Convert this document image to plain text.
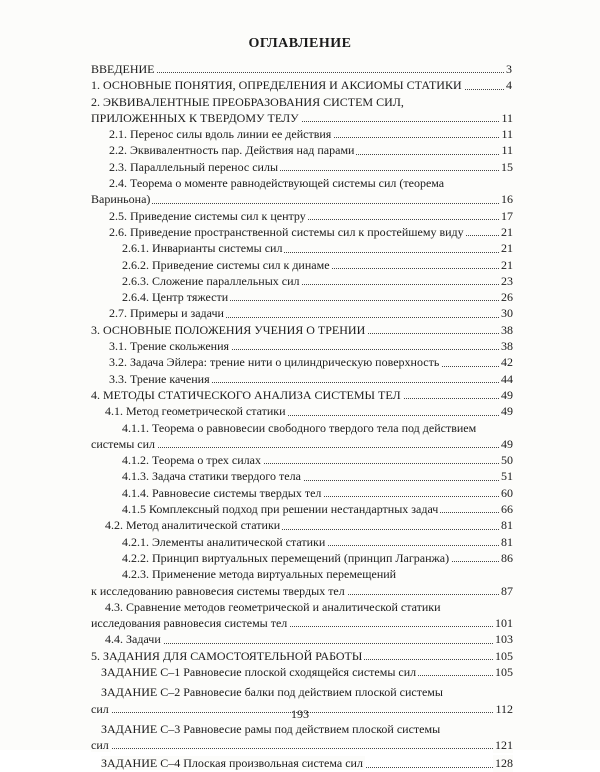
ОГЛАВЛЕНИЕ
ВВЕДЕНИЕ	3
1. ОСНОВНЫЕ ПОНЯТИЯ, ОПРЕДЕЛЕНИЯ И АКСИОМЫ СТАТИКИ	4
2. ЭКВИВАЛЕНТНЫЕ ПРЕОБРАЗОВАНИЯ СИСТЕМ СИЛ,
ПРИЛОЖЕННЫХ К ТВЕРДОМУ ТЕЛУ	11
2.1. Перенос силы вдоль линии ее действия	11
2.2. Эквивалентность пар. Действия над парами	11
2.3. Параллельный перенос силы	15
2.4. Теорема о моменте равнодействующей системы сил (теорема
Вариньона)	16
2.5. Приведение системы сил к центру	17
2.6. Приведение пространственной системы сил к простейшему виду	21
2.6.1. Инварианты системы сил	21
2.6.2. Приведение системы сил к динаме	21
2.6.3. Сложение параллельных сил	23
2.6.4. Центр тяжести	26
2.7. Примеры и задачи	30
3. ОСНОВНЫЕ ПОЛОЖЕНИЯ УЧЕНИЯ О ТРЕНИИ	38
3.1. Трение скольжения	38
3.2. Задача Эйлера: трение нити о цилиндрическую поверхность	42
3.3. Трение качения	44
4. МЕТОДЫ СТАТИЧЕСКОГО АНАЛИЗА СИСТЕМЫ ТЕЛ	49
4.1. Метод геометрической статики	49
4.1.1. Теорема о равновесии свободного твердого тела под действием
системы сил	49
4.1.2. Теорема о трех силах	50
4.1.3. Задача статики твердого тела	51
4.1.4. Равновесие системы твердых тел	60
4.1.5 Комплексный подход при решении нестандартных задач	66
4.2. Метод аналитической статики	81
4.2.1. Элементы аналитической статики	81
4.2.2. Принцип виртуальных перемещений (принцип Лагранжа)	86
4.2.3. Применение метода виртуальных перемещений
к исследованию равновесия системы твердых тел	87
4.3. Сравнение методов геометрической и аналитической статики
исследования равновесия системы тел	101
4.4. Задачи	103
5. ЗАДАНИЯ ДЛЯ САМОСТОЯТЕЛЬНОЙ РАБОТЫ	105
ЗАДАНИЕ С–1 Равновесие плоской сходящейся системы сил	105
ЗАДАНИЕ С–2 Равновесие балки под действием плоской системы
сил	112
ЗАДАНИЕ С–3 Равновесие рамы под действием плоской системы
сил	121
ЗАДАНИЕ С–4 Плоская произвольная система сил	128
193
